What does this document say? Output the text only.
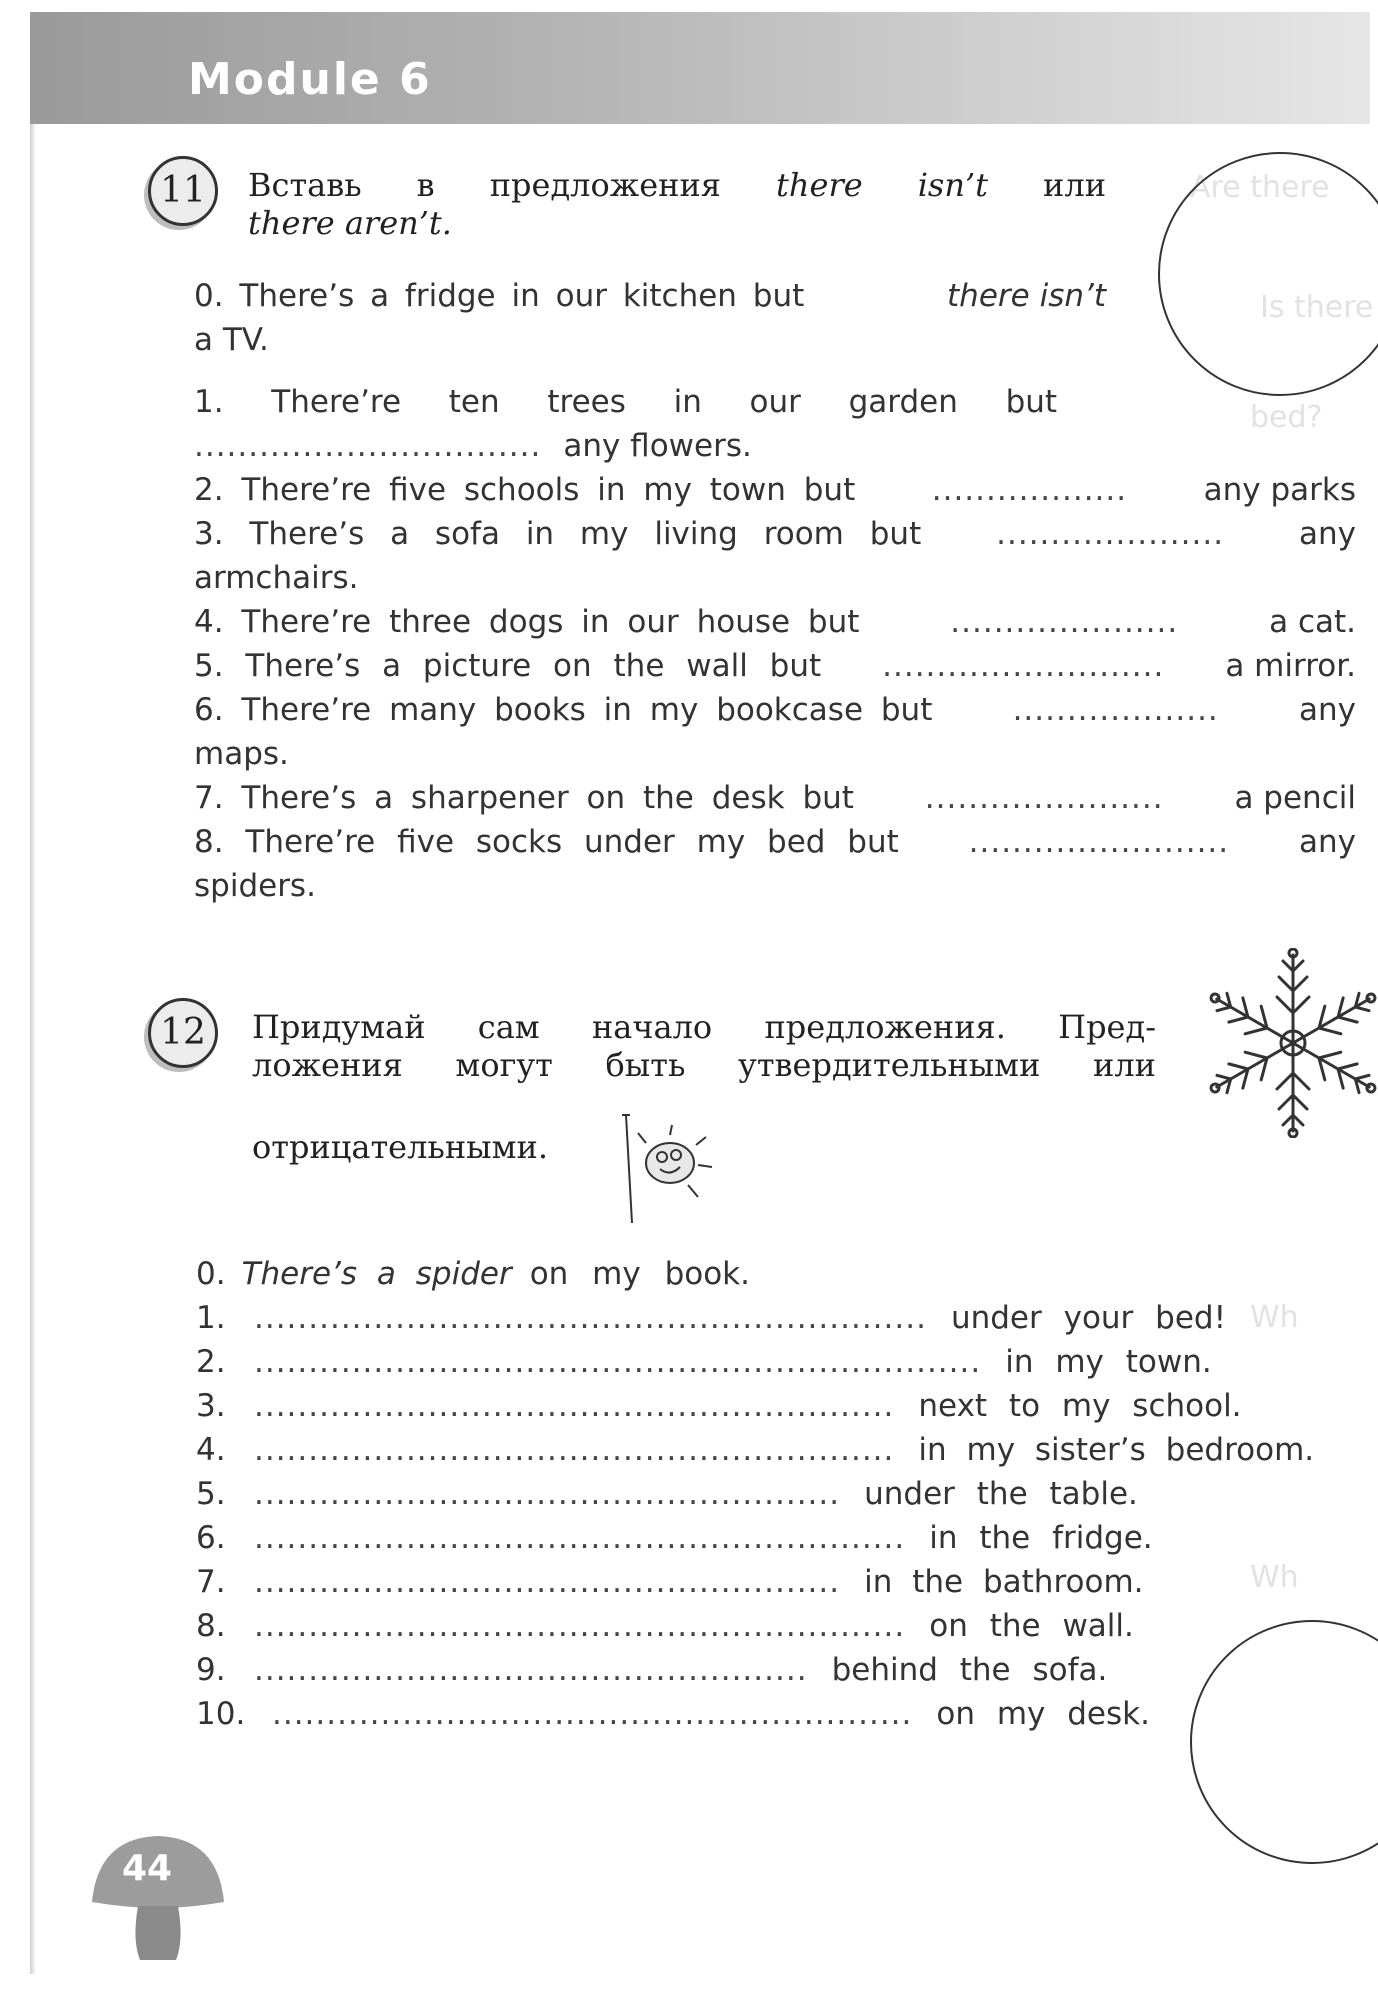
Module 6
Are there
Is there
bed?
Wh
Wh
11	Вставь в предложения there isn’t или
there aren’t.
0. There’s a fridge in our kitchen but	there isn’t
a TV.
1.  There’re  ten  trees  in  our  garden  but
................................ any flowers.
2. There’re five schools in my town but .................. any parks
3. There’s a sofa in my living room but ..................... any
armchairs.
4. There’re three dogs in our house but	.....................	a cat.
5. There’s a picture on the wall but .......................... a mirror.
6. There’re many books in my bookcase but	...................	any
maps.
7. There’s a sharpener on the desk but ...................... a pencil
8. There’re five socks under my bed but ........................ any
spiders.
12	Придумай сам начало предложения. Пред-
ложения могут быть утвердительными или
отрицательными.
0. There’s a spider on my book.
1. .............................................................. under your bed!
2. ................................................................... in my town.
3. ........................................................... next to my school.
4. ........................................................... in my sister’s bedroom.
5. ...................................................... under the table.
6. ............................................................ in the fridge.
7. ...................................................... in the bathroom.
8. ............................................................ on the wall.
9. ................................................... behind the sofa.
10. ........................................................... on my desk.
44
